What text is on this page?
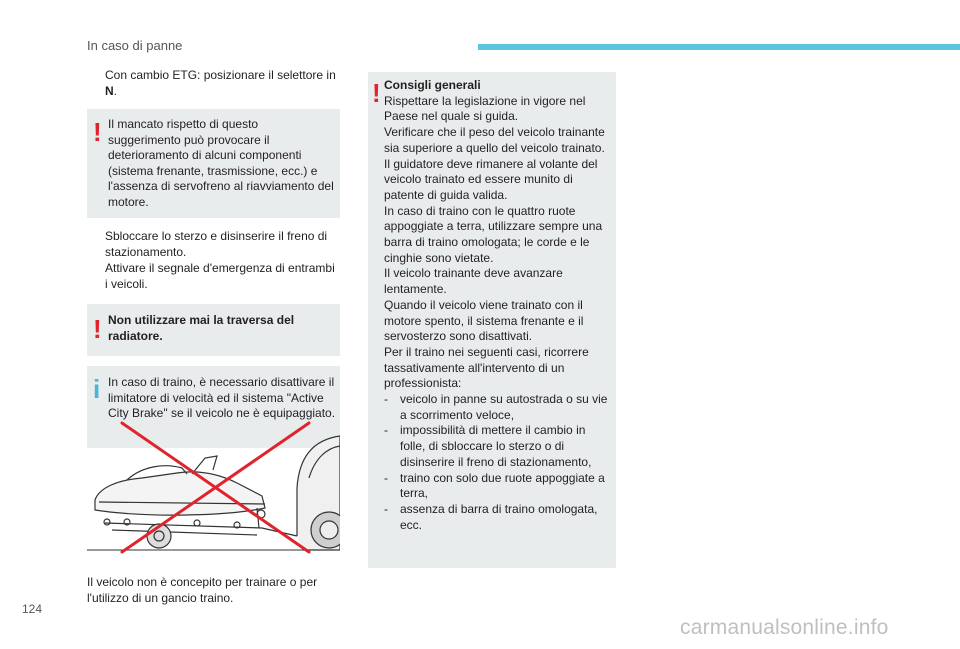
In caso di panne
Con cambio ETG: posizionare il selettore in N.
! Il mancato rispetto di questo suggerimento può provocare il deterioramento di alcuni componenti (sistema frenante, trasmissione, ecc.) e l'assenza di servofreno al riavviamento del motore.
Sbloccare lo sterzo e disinserire il freno di stazionamento.
Attivare il segnale d'emergenza di entrambi i veicoli.
! Non utilizzare mai la traversa del radiatore.
i In caso di traino, è necessario disattivare il limitatore di velocità ed il sistema "Active City Brake" se il veicolo ne è equipaggiato.
Il veicolo non è concepito per trainare o per l'utilizzo di un gancio traino.
! Consigli generali

Rispettare la legislazione in vigore nel Paese nel quale si guida.

Verificare che il peso del veicolo trainante sia superiore a quello del veicolo trainato.

Il guidatore deve rimanere al volante del veicolo trainato ed essere munito di patente di guida valida.

In caso di traino con le quattro ruote appoggiate a terra, utilizzare sempre una barra di traino omologata; le corde e le cinghie sono vietate.

Il veicolo trainante deve avanzare lentamente.

Quando il veicolo viene trainato con il motore spento, il sistema frenante e il servosterzo sono disattivati.

Per il traino nei seguenti casi, ricorrere tassativamente all'intervento di un professionista:

-	veicolo in panne su autostrada o su vie a scorrimento veloce,
-	impossibilità di mettere il cambio in folle, di sbloccare lo sterzo o di disinserire il freno di stazionamento,
-	traino con solo due ruote appoggiate a terra,
-	assenza di barra di traino omologata, ecc.
124
carmanualsonline.info
